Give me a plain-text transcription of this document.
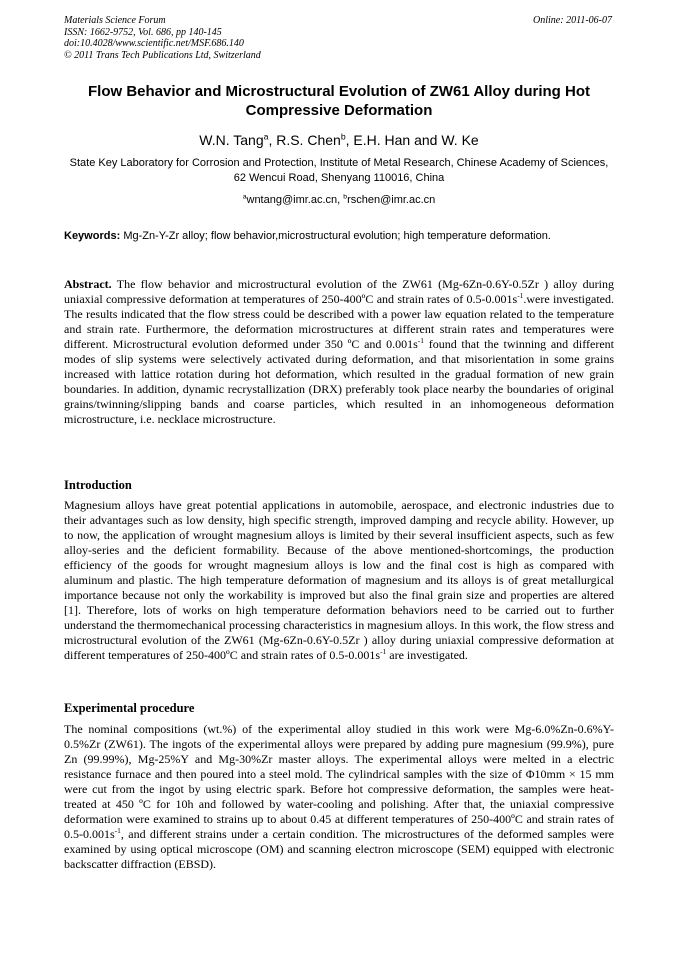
Materials Science Forum
ISSN: 1662-9752, Vol. 686, pp 140-145
doi:10.4028/www.scientific.net/MSF.686.140
© 2011 Trans Tech Publications Ltd, Switzerland
Online: 2011-06-07
Flow Behavior and Microstructural Evolution of ZW61 Alloy during Hot Compressive Deformation
W.N. Tang$^a$, R.S. Chen$^b$, E.H. Han and W. Ke
State Key Laboratory for Corrosion and Protection, Institute of Metal Research, Chinese Academy of Sciences, 62 Wencui Road, Shenyang 110016, China
$^a$wntang@imr.ac.cn, $^b$rschen@imr.ac.cn
Keywords: Mg-Zn-Y-Zr alloy; flow behavior,microstructural evolution; high temperature deformation.
Abstract. The flow behavior and microstructural evolution of the ZW61 (Mg-6Zn-0.6Y-0.5Zr ) alloy during uniaxial compressive deformation at temperatures of 250-400ºC and strain rates of $0.5-0.001s^{-1}.were$ investigated. The results indicated that the flow stress could be described with a power law equation related to the temperature and strain rate. Furthermore, the deformation microstructures at different strain rates and temperatures were different. Microstructural evolution deformed under 350 ºC and $0.001s^{-1}$ found that the twinning and different modes of slip systems were selectively activated during deformation, and that misorientation in some grains increased with lattice rotation during hot deformation, which resulted in the gradual formation of new grain boundaries. In addition, dynamic recrystallization (DRX) preferably took place nearby the boundaries of original grains/twinning/slipping bands and coarse particles, which resulted in an inhomogeneous deformation microstructure, i.e. necklace microstructure.
Introduction
Magnesium alloys have great potential applications in automobile, aerospace, and electronic industries due to their advantages such as low density, high specific strength, improved damping and recycle ability. However, up to now, the application of wrought magnesium alloys is limited by their several insufficient aspects, such as few alloy-series and the deficient formability. Because of the above mentioned-shortcomings, the production efficiency of the goods for wrought magnesium alloys is low and the final cost is high as compared with aluminum and plastic. The high temperature deformation of magnesium and its alloys is of great metallurgical importance because not only the workability is improved but also the final grain size and properties are altered [1]. Therefore, lots of works on high temperature deformation behaviors need to be carried out to further understand the thermomechanical processing characteristics in magnesium alloys. In this work, the flow stress and microstructural evolution of the ZW61 (Mg-6Zn-0.6Y-0.5Zr ) alloy during uniaxial compressive deformation at different temperatures of 250-400ºC and strain rates of $0.5-0.001s^{-1}$ are investigated.
Experimental procedure
The nominal compositions (wt.%) of the experimental alloy studied in this work were Mg-6.0%Zn-0.6%Y-0.5%Zr (ZW61). The ingots of the experimental alloys were prepared by adding pure magnesium (99.9%), pure Zn (99.99%), Mg-25%Y and Mg-30%Zr master alloys. The experimental alloys were melted in a electric resistance furnace and then poured into a steel mold. The cylindrical samples with the size of Φ10mm × 15 mm were cut from the ingot by using electric spark. Before hot compressive deformation, the samples were heat-treated at 450 ºC for 10h and followed by water-cooling and polishing. After that, the uniaxial compressive deformation were examined to strains up to about 0.45 at different temperatures of 250-400ºC and strain rates of $0.5-0.001s^{-1}$, and different strains under a certain condition. The microstructures of the deformed samples were examined by using optical microscope (OM) and scanning electron microscope (SEM) equipped with electronic backscatter diffraction (EBSD).
